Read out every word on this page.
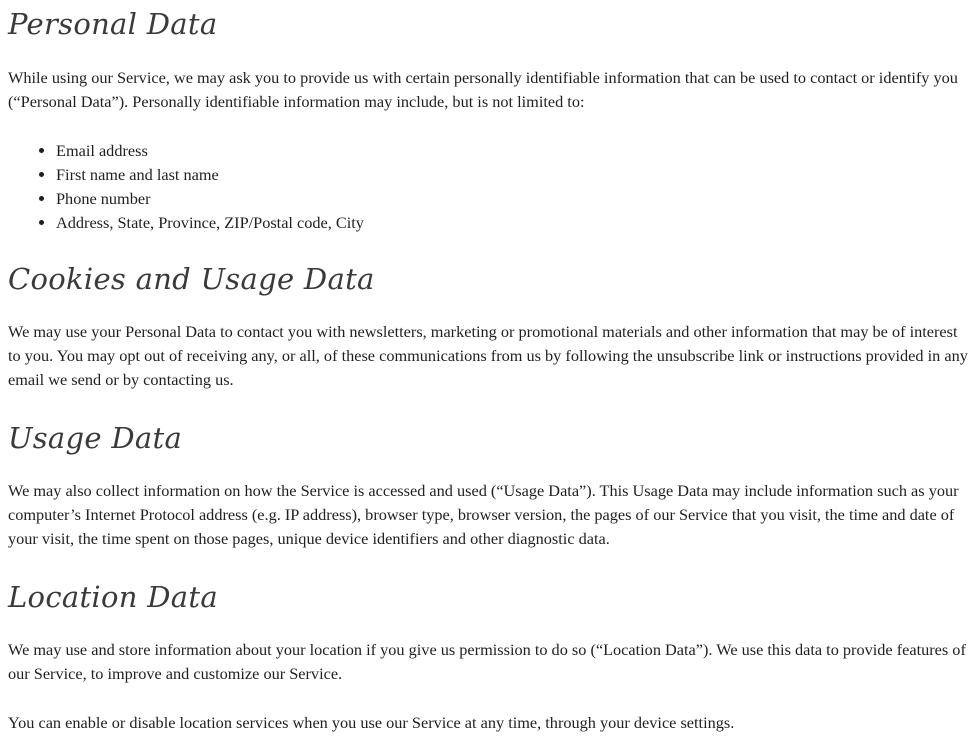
Personal Data

While using our Service, we may ask you to provide us with certain personally identifiable information that can be used to contact or identify you (“Personal Data”). Personally identifiable information may include, but is not limited to:

• Email address
• First name and last name
• Phone number
• Address, State, Province, ZIP/Postal code, City
Cookies and Usage Data

We may use your Personal Data to contact you with newsletters, marketing or promotional materials and other information that may be of interest to you. You may opt out of receiving any, or all, of these communications from us by following the unsubscribe link or instructions provided in any email we send or by contacting us.

Usage Data

We may also collect information on how the Service is accessed and used (“Usage Data”). This Usage Data may include information such as your computer’s Internet Protocol address (e.g. IP address), browser type, browser version, the pages of our Service that you visit, the time and date of your visit, the time spent on those pages, unique device identifiers and other diagnostic data.

Location Data

We may use and store information about your location if you give us permission to do so (“Location Data”). We use this data to provide features of our Service, to improve and customize our Service.

You can enable or disable location services when you use our Service at any time, through your device settings.
